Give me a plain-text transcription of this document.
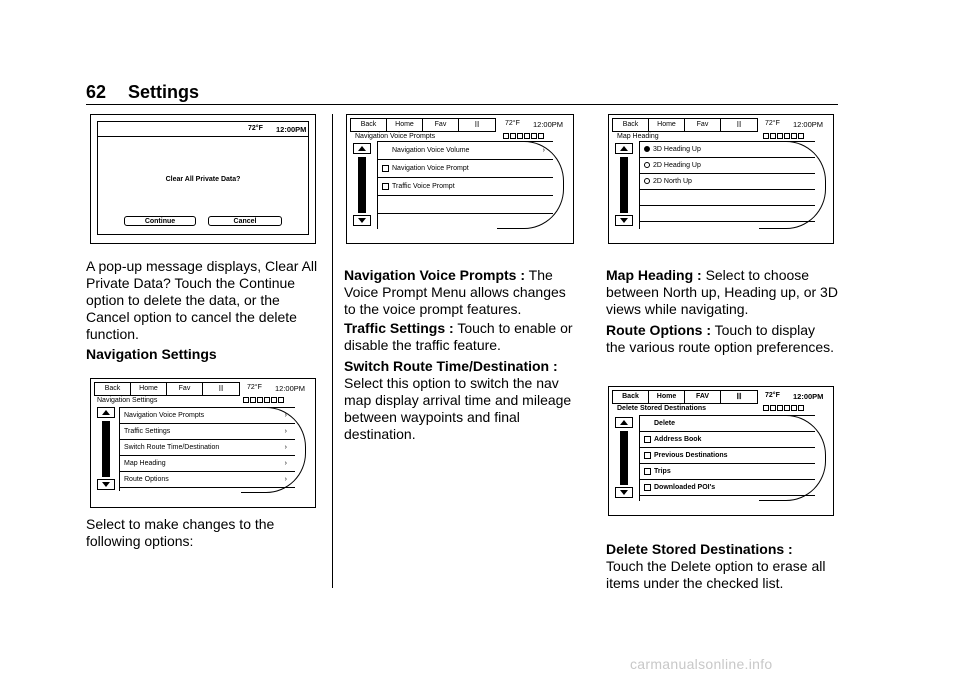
62 Settings
72°F 12:00PM
Clear All Private Data?
Continue	Cancel
A pop-up message displays, Clear All Private Data? Touch the Continue option to delete the data, or the Cancel option to cancel the delete function.
Navigation Settings
Back	Home	Fav	ꔖ	72°F 12:00PM
Navigation Settings
Navigation Voice Prompts	›
Traffic Settings	›
Switch Route Time/Destination	›
Map Heading	›
Route Options	›
Select to make changes to the following options:
Back	Home	Fav	ꔖ	72°F 12:00PM
Navigation Voice Prompts
Navigation Voice Volume	›
Navigation Voice Prompt
Traffic Voice Prompt
Navigation Voice Prompts : The Voice Prompt Menu allows changes to the voice prompt features.
Traffic Settings : Touch to enable or disable the traffic feature.
Switch Route Time/Destination :
Select this option to switch the nav map display arrival time and mileage between waypoints and final destination.
Back	Home	Fav	ꔖ	72°F 12:00PM
Map Heading
3D Heading Up
2D Heading Up
2D North Up
Map Heading : Select to choose between North up, Heading up, or 3D views while navigating.
Route Options : Touch to display the various route option preferences.
Back	Home	FAV	ꔖ	72°F 12:00PM
Delete Stored Destinations
Delete
Address Book
Previous Destinations
Trips
Downloaded POI's
Delete Stored Destinations :
Touch the Delete option to erase all items under the checked list.
carmanualsonline.info
